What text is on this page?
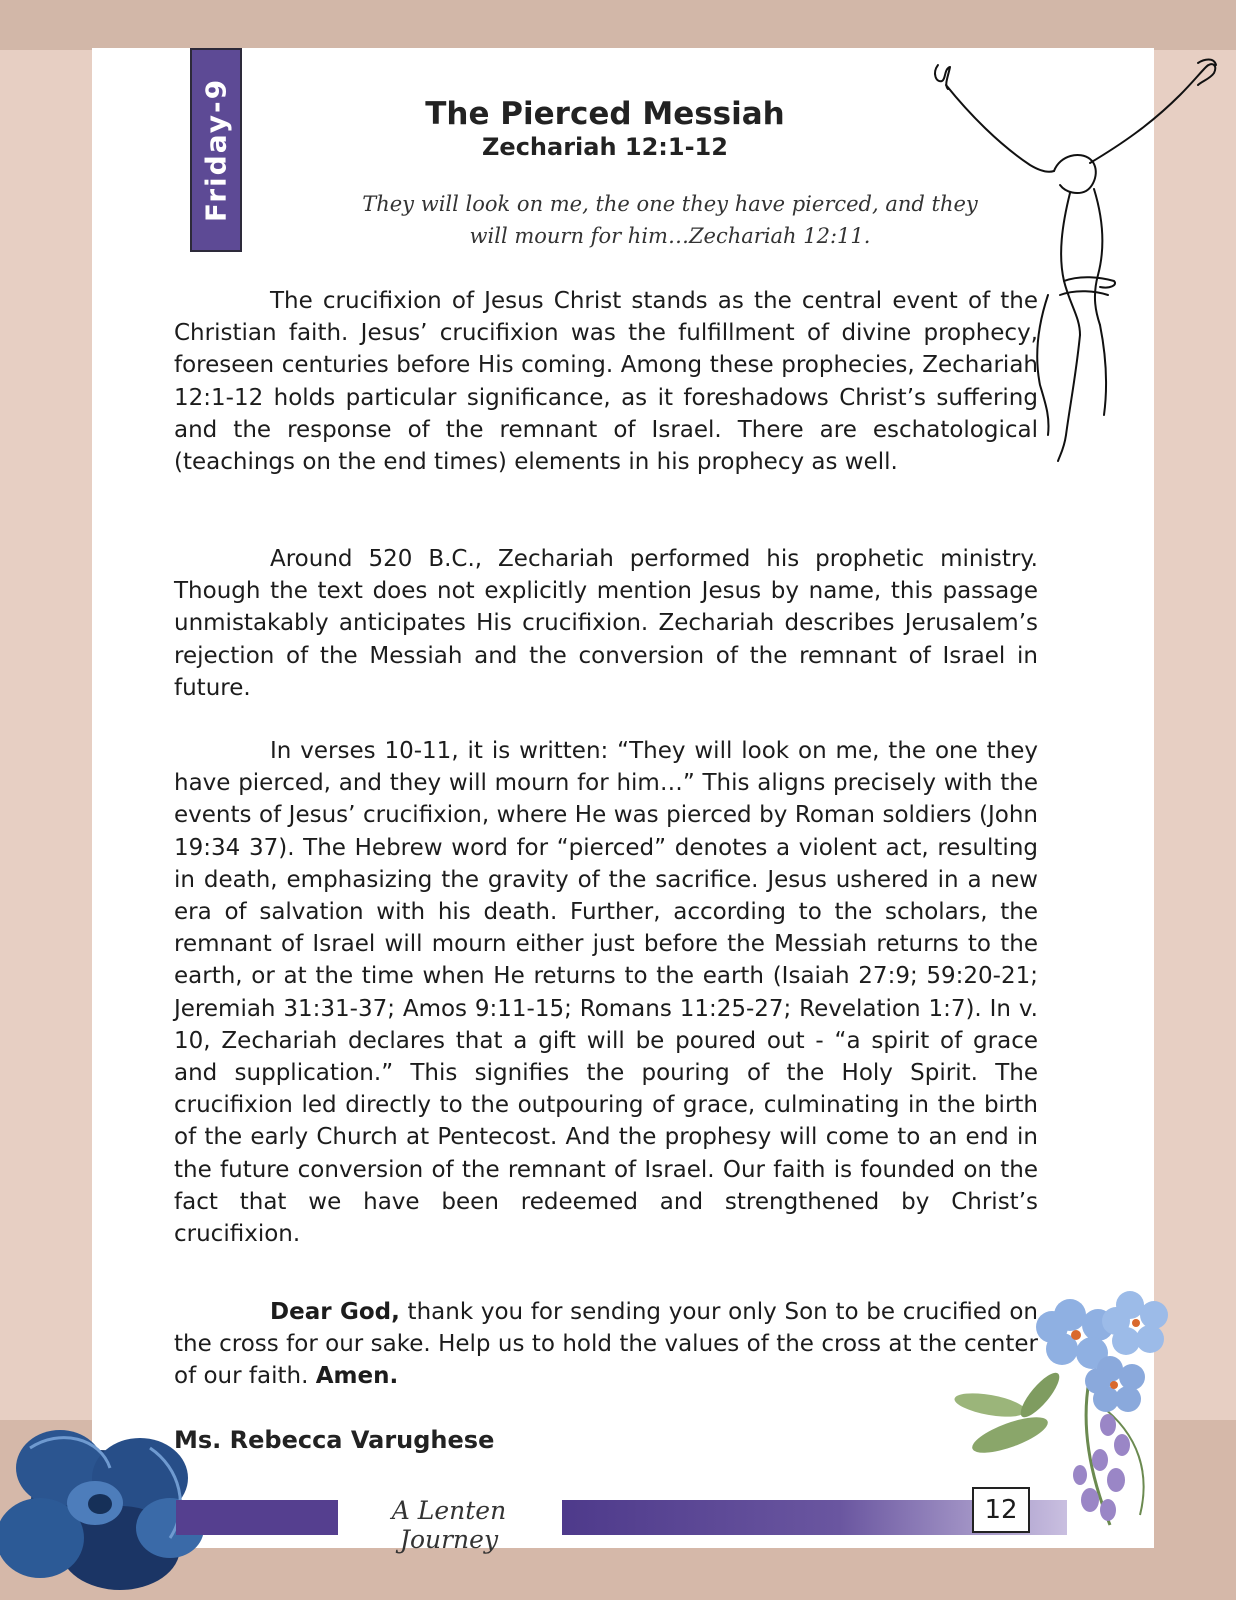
Friday-9	The Pierced Messiah
Zechariah 12:1-12
They will look on me, the one they have pierced, and they
will mourn for him…Zechariah 12:11.

The crucifixion of Jesus Christ stands as the central event of the Christian faith. Jesus’ crucifixion was the fulfillment of divine prophecy, foreseen centuries before His coming. Among these prophecies, Zechariah 12:1-12 holds particular significance, as it foreshadows Christ’s suffering and the response of the remnant of Israel. There are eschatological (teachings on the end times) elements in his prophecy as well.

Around 520 B.C., Zechariah performed his prophetic ministry. Though the text does not explicitly mention Jesus by name, this passage unmistakably anticipates His crucifixion. Zechariah describes Jerusalem’s rejection of the Messiah and the conversion of the remnant of Israel in future.

In verses 10-11, it is written: “They will look on me, the one they have pierced, and they will mourn for him…” This aligns precisely with the events of Jesus’ crucifixion, where He was pierced by Roman soldiers (John 19:34 37). The Hebrew word for “pierced” denotes a violent act, resulting in death, emphasizing the gravity of the sacrifice. Jesus ushered in a new era of salvation with his death. Further, according to the scholars, the remnant of Israel will mourn either just before the Messiah returns to the earth, or at the time when He returns to the earth (Isaiah 27:9; 59:20-21; Jeremiah 31:31-37; Amos 9:11-15; Romans 11:25-27; Revelation 1:7). In v. 10, Zechariah declares that a gift will be poured out - “a spirit of grace and supplication.” This signifies the pouring of the Holy Spirit. The crucifixion led directly to the outpouring of grace, culminating in the birth of the early Church at Pentecost. And the prophesy will come to an end in the future conversion of the remnant of Israel. Our faith is founded on the fact that we have been redeemed and strengthened by Christ’s crucifixion.

Dear God, thank you for sending your only Son to be crucified on the cross for our sake. Help us to hold the values of the cross at the center of our faith. Amen.

Ms. Rebecca Varughese
A Lenten Journey
12
